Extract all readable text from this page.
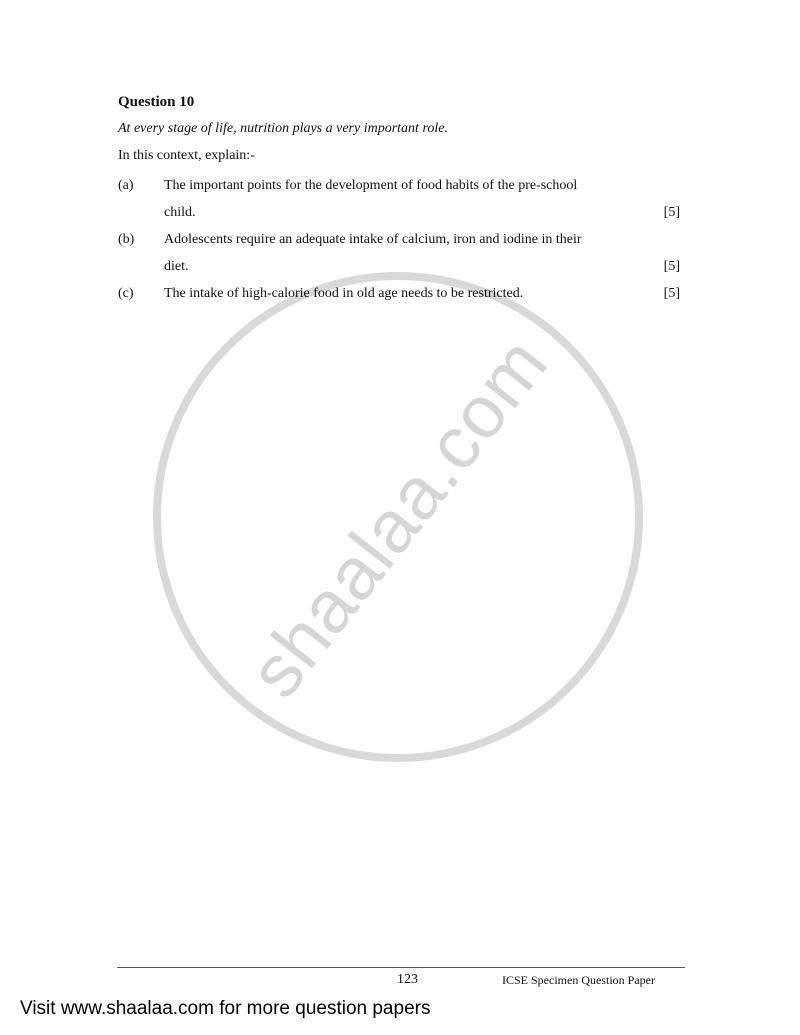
shaalaa.com
Question 10
At every stage of life, nutrition plays a very important role.
In this context, explain:-
(a) The important points for the development of food habits of the pre-school
child.	[5]
(b) Adolescents require an adequate intake of calcium, iron and iodine in their
diet.	[5]
(c) The intake of high-calorie food in old age needs to be restricted.	[5]
123	ICSE Specimen Question Paper
Visit www.shaalaa.com for more question papers
